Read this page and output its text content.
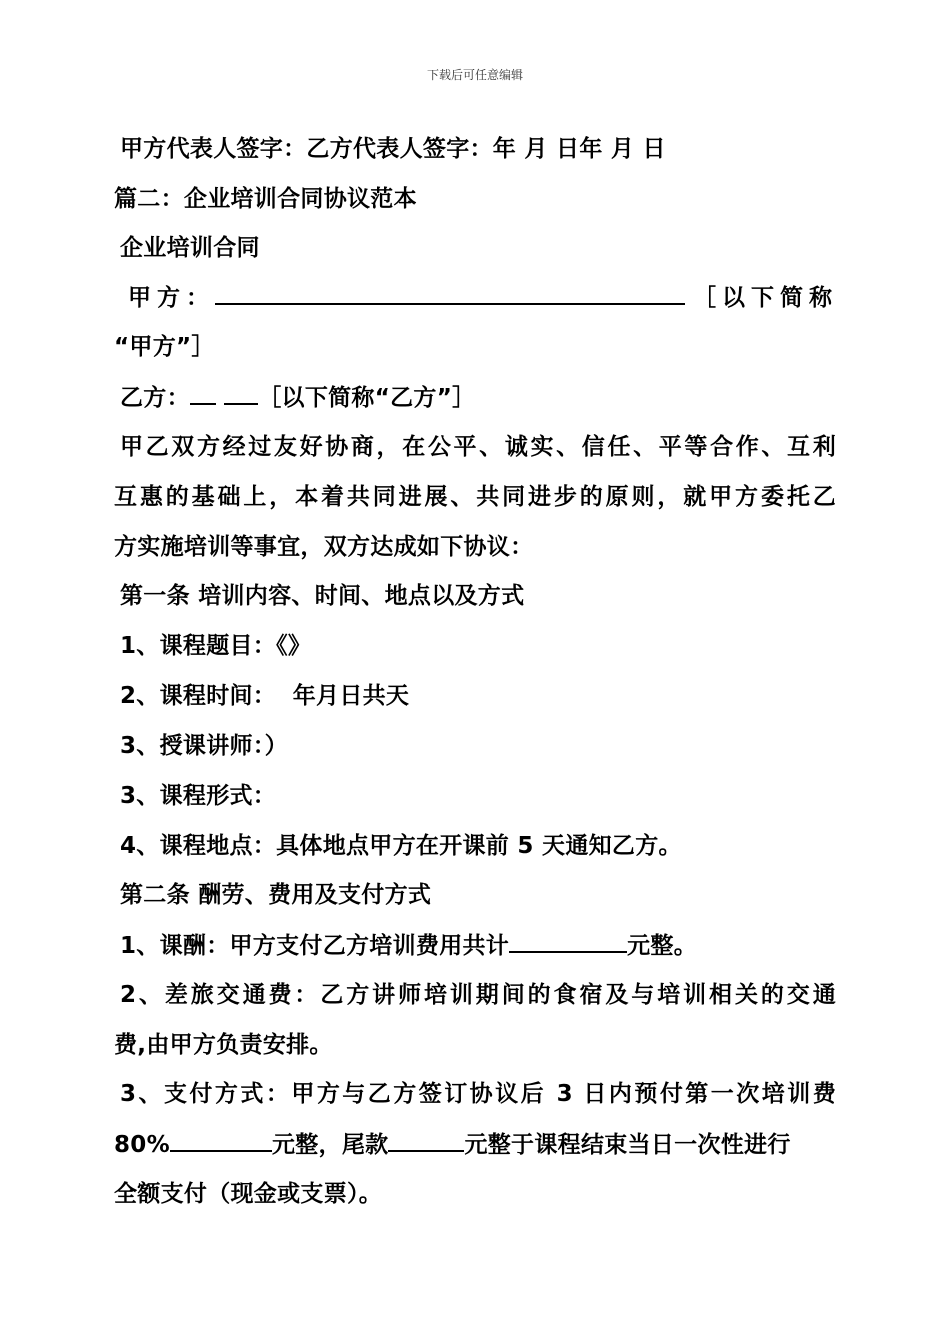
下载后可任意编辑
甲方代表人签字：乙方代表人签字：年 月 日年 月 日
篇二：企业培训合同协议范本
企业培训合同
甲方：	［以下简称
“甲方”］
乙方：	［以下简称“乙方”］
甲乙双方经过友好协商，在公平、诚实、信任、平等合作、互利
互惠的基础上，本着共同进展、共同进步的原则，就甲方委托乙
方实施培训等事宜，双方达成如下协议：
第一条 培训内容、时间、地点以及方式
1、课程题目：《》
2、课程时间：  年月日共天
3、授课讲师：）
3、课程形式：
4、课程地点：具体地点甲方在开课前 5 天通知乙方。
第二条 酬劳、费用及支付方式
1、课酬：甲方支付乙方培训费用共计	元整。
2、差旅交通费：乙方讲师培训期间的食宿及与培训相关的交通
费,由甲方负责安排。
3、支付方式：甲方与乙方签订协议后 3 日内预付第一次培训费
80%	元整，尾款	元整于课程结束当日一次性进行
全额支付（现金或支票）。
